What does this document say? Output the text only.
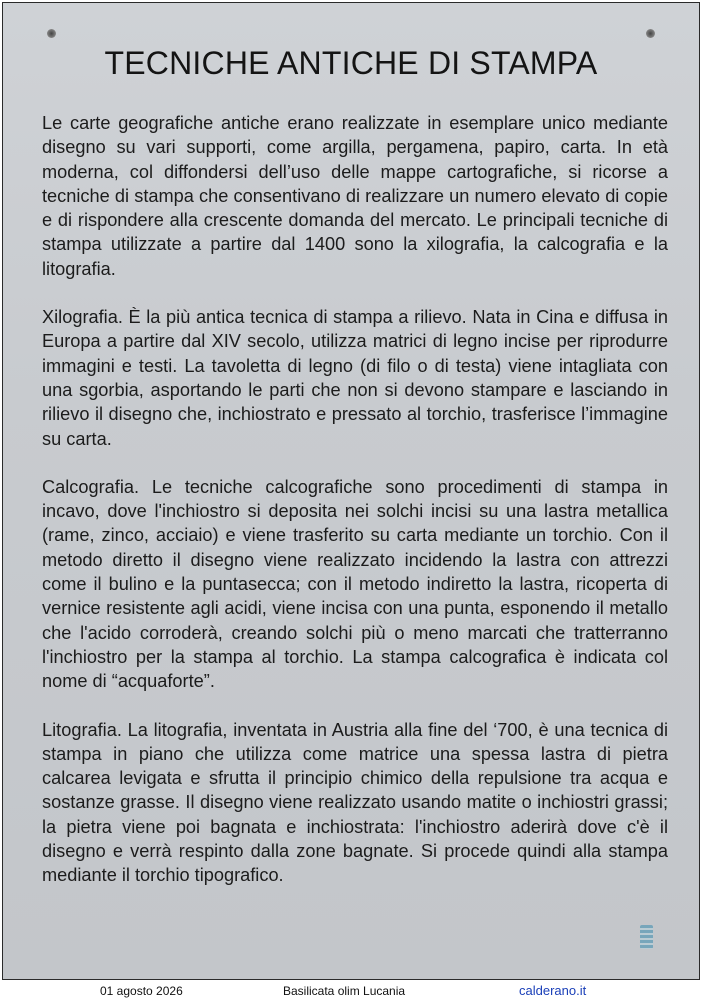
TECNICHE ANTICHE DI STAMPA

Le carte geografiche antiche erano realizzate in esemplare unico mediante disegno su vari supporti, come argilla, pergamena, papiro, carta. In età moderna, col diffondersi dell’uso delle mappe cartografiche, si ricorse a tecniche di stampa che consentivano di realizzare un numero elevato di copie e di rispondere alla crescente domanda del mercato. Le principali tecniche di stampa utilizzate a partire dal 1400 sono la xilografia, la calcografia e la litografia.

Xilografia. È la più antica tecnica di stampa a rilievo. Nata in Cina e diffusa in Europa a partire dal XIV secolo, utilizza matrici di legno incise per riprodurre immagini e testi. La tavoletta di legno (di filo o di testa) viene intagliata con una sgorbia, asportando le parti che non si devono stampare e lasciando in rilievo il disegno che, inchiostrato e pressato al torchio, trasferisce l’immagine su carta.

Calcografia. Le tecniche calcografiche sono procedimenti di stampa in incavo, dove l'inchiostro si deposita nei solchi incisi su una lastra metallica (rame, zinco, acciaio) e viene trasferito su carta mediante un torchio. Con il metodo diretto il disegno viene realizzato incidendo la lastra con attrezzi come il bulino e la puntasecca; con il metodo indiretto la lastra, ricoperta di vernice resistente agli acidi, viene incisa con una punta, esponendo il metallo che l'acido corroderà, creando solchi più o meno marcati che tratterranno l'inchiostro per la stampa al torchio. La stampa calcografica è indicata col nome di “acquaforte”.

Litografia. La litografia, inventata in Austria alla fine del ‘700, è una tecnica di stampa in piano che utilizza come matrice una spessa lastra di pietra calcarea levigata e sfrutta il principio chimico della repulsione tra acqua e sostanze grasse. Il disegno viene realizzato usando matite o inchiostri grassi; la pietra viene poi bagnata e inchiostrata: l'inchiostro aderirà dove c'è il disegno e verrà respinto dalla zone bagnate. Si procede quindi alla stampa mediante il torchio tipografico.

01 agosto 2026	Basilicata olim Lucania	calderano.it
